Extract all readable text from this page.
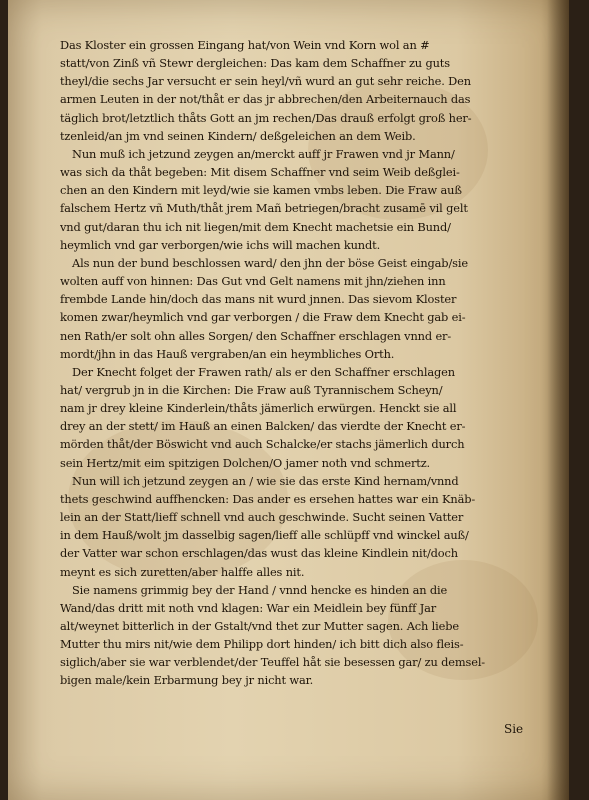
Das Kloster ein grossen Eingang hat/von Wein vnd Korn wol an #
statt/von Zinß vñ Stewr dergleichen: Das kam dem Schaffner zu guts
theyl/die sechs Jar versucht er sein heyl/vñ wurd an gut sehr reiche. Den
armen Leuten in der not/thåt er das jr abbrechen/den Arbeiternauch das
täglich brot/letztlich thåts Gott an jm rechen/Das drauß erfolgt groß her-
tzenleid/an jm vnd seinen Kindern/ deßgeleichen an dem Weib.
Nun muß ich jetzund zeygen an/merckt auff jr Frawen vnd jr Mann/
was sich da thåt begeben: Mit disem Schaffner vnd seim Weib deßglei-
chen an den Kindern mit leyd/wie sie kamen vmbs leben. Die Fraw auß
falschem Hertz vñ Muth/thåt jrem Mañ betriegen/bracht zusamē vil gelt
vnd gut/daran thu ich nit liegen/mit dem Knecht machetsie ein Bund/
heymlich vnd gar verborgen/wie ichs will machen kundt.
Als nun der bund beschlossen ward/ den jhn der böse Geist eingab/sie
wolten auff von hinnen: Das Gut vnd Gelt namens mit jhn/ziehen inn
frembde Lande hin/doch das mans nit wurd jnnen. Das sievom Kloster
komen zwar/heymlich vnd gar verborgen / die Fraw dem Knecht gab ei-
nen Rath/er solt ohn alles Sorgen/ den Schaffner erschlagen vnnd er-
mordt/jhn in das Hauß vergraben/an ein heymbliches Orth.
Der Knecht folget der Frawen rath/ als er den Schaffner erschlagen
hat/ vergrub jn in die Kirchen: Die Fraw auß Tyrannischem Scheyn/
nam jr drey kleine Kinderlein/thåts jämerlich erwürgen. Henckt sie all
drey an der stett/ im Hauß an einen Balcken/ das vierdte der Knecht er-
mörden thåt/der Böswicht vnd auch Schalcke/er stachs jämerlich durch
sein Hertz/mit eim spitzigen Dolchen/O jamer noth vnd schmertz.
Nun will ich jetzund zeygen an / wie sie das erste Kind hernam/vnnd
thets geschwind auffhencken: Das ander es ersehen hattes war ein Knäb-
lein an der Statt/lieff schnell vnd auch geschwinde. Sucht seinen Vatter
in dem Hauß/wolt jm dasselbig sagen/lieff alle schlüpff vnd winckel auß/
der Vatter war schon erschlagen/das wust das kleine Kindlein nit/doch
meynt es sich zuretten/aber halffe alles nit.
Sie namens grimmig bey der Hand / vnnd hencke es hinden an die
Wand/das dritt mit noth vnd klagen: War ein Meidlein bey fünff Jar
alt/weynet bitterlich in der Gstalt/vnd thet zur Mutter sagen. Ach liebe
Mutter thu mirs nit/wie dem Philipp dort hinden/ ich bitt dich also fleis-
siglich/aber sie war verblendet/der Teuffel håt sie besessen gar/ zu demsel-
bigen male/kein Erbarmung bey jr nicht war.
Sie
